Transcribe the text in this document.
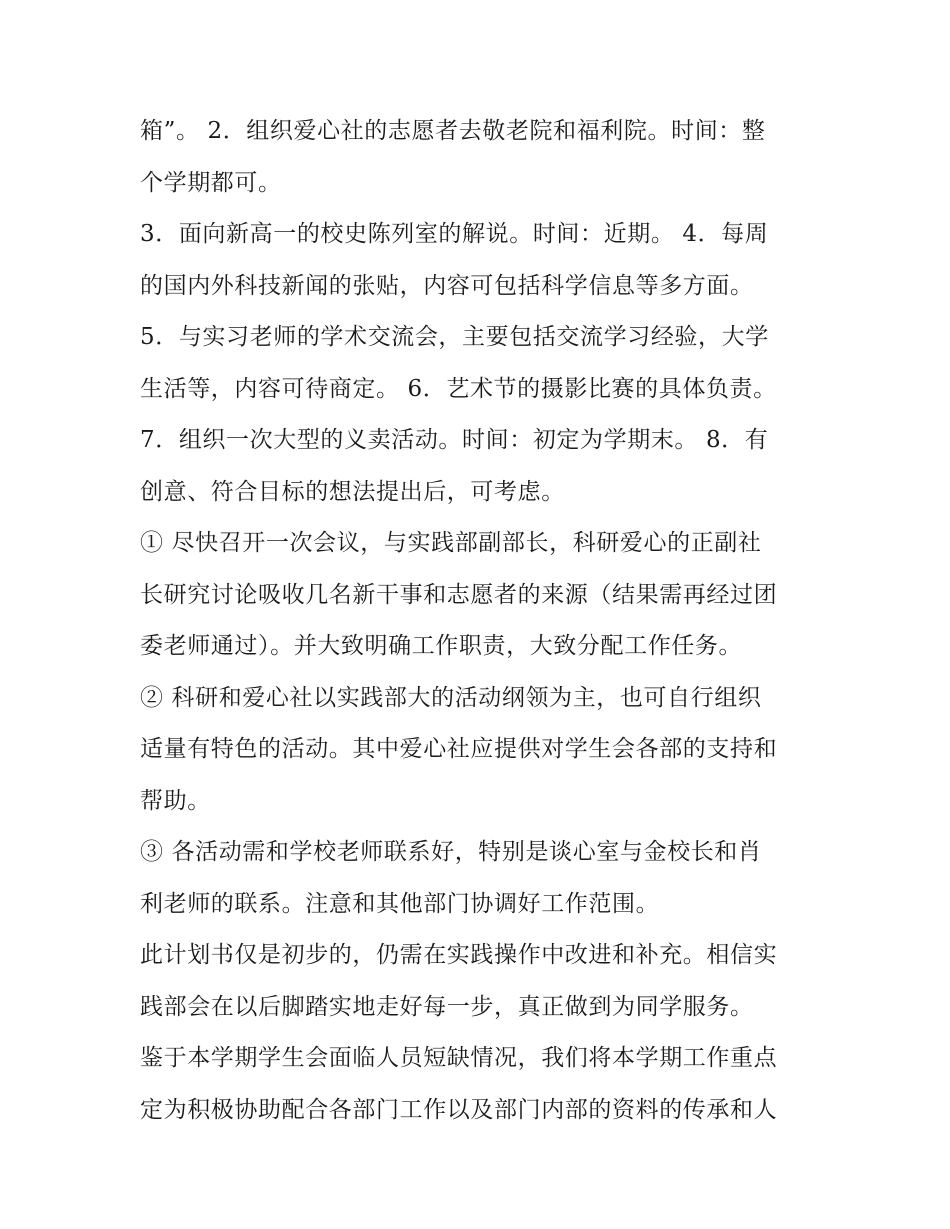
箱”。 2．组织爱心社的志愿者去敬老院和福利院。时间：整
个学期都可。
3．面向新高一的校史陈列室的解说。时间：近期。 4．每周
的国内外科技新闻的张贴，内容可包括科学信息等多方面。
5．与实习老师的学术交流会，主要包括交流学习经验，大学
生活等，内容可待商定。 6．艺术节的摄影比赛的具体负责。
7．组织一次大型的义卖活动。时间：初定为学期末。 8．有
创意、符合目标的想法提出后，可考虑。
① 尽快召开一次会议，与实践部副部长，科研爱心的正副社
长研究讨论吸收几名新干事和志愿者的来源（结果需再经过团
委老师通过）。并大致明确工作职责，大致分配工作任务。
② 科研和爱心社以实践部大的活动纲领为主，也可自行组织
适量有特色的活动。其中爱心社应提供对学生会各部的支持和
帮助。
③ 各活动需和学校老师联系好，特别是谈心室与金校长和肖
利老师的联系。注意和其他部门协调好工作范围。
此计划书仅是初步的，仍需在实践操作中改进和补充。相信实
践部会在以后脚踏实地走好每一步，真正做到为同学服务。
鉴于本学期学生会面临人员短缺情况，我们将本学期工作重点
定为积极协助配合各部门工作以及部门内部的资料的传承和人
